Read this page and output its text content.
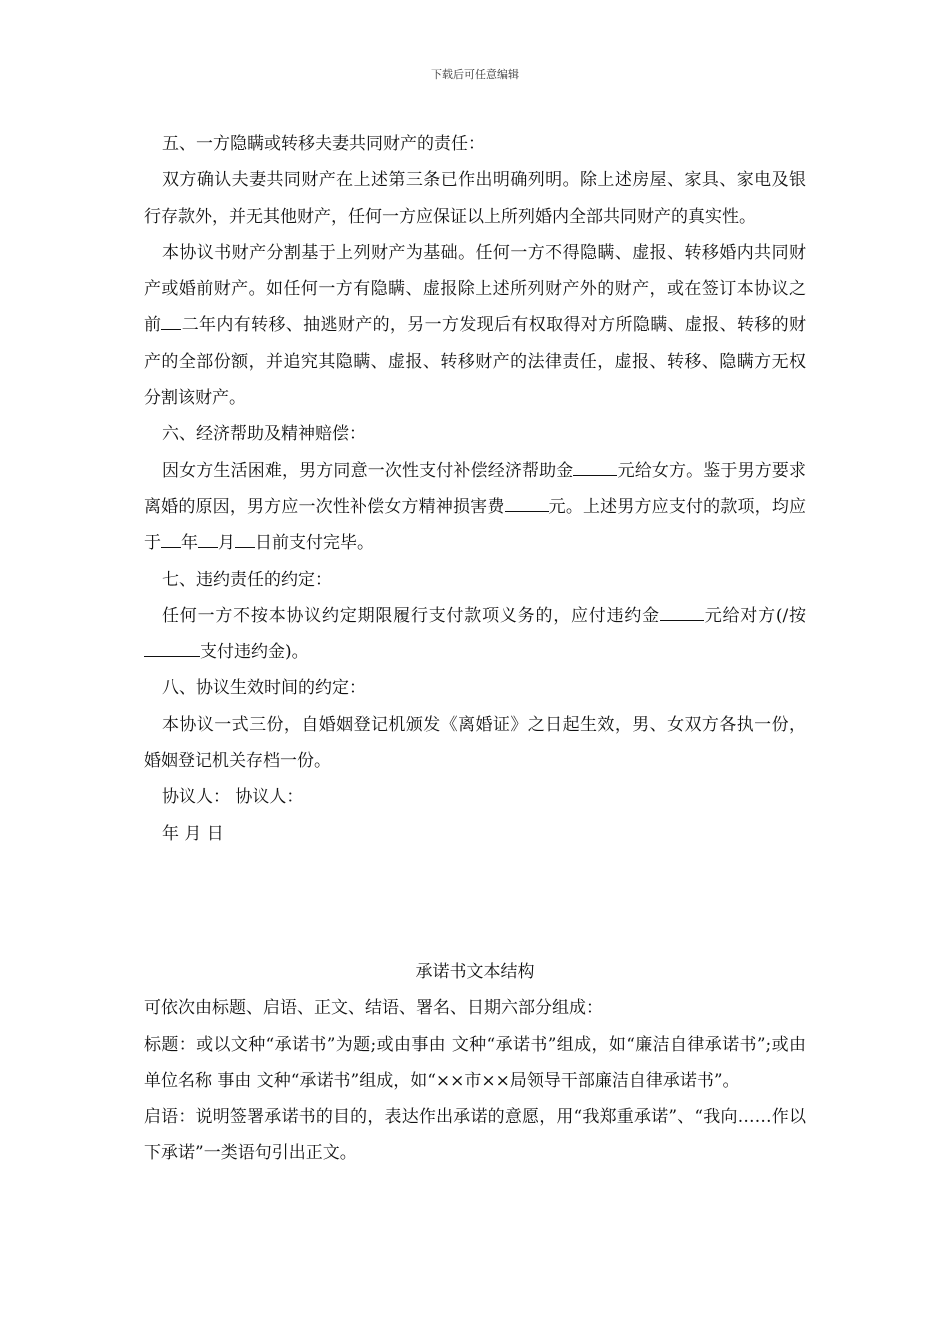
下载后可任意编辑

五、一方隐瞒或转移夫妻共同财产的责任：

双方确认夫妻共同财产在上述第三条已作出明确列明。除上述房屋、家具、家电及银行存款外，并无其他财产，任何一方应保证以上所列婚内全部共同财产的真实性。

本协议书财产分割基于上列财产为基础。任何一方不得隐瞒、虚报、转移婚内共同财产或婚前财产。如任何一方有隐瞒、虚报除上述所列财产外的财产，或在签订本协议之前 二年内有转移、抽逃财产的，另一方发现后有权取得对方所隐瞒、虚报、转移的财产的全部份额，并追究其隐瞒、虚报、转移财产的法律责任，虚报、转移、隐瞒方无权分割该财产。

六、经济帮助及精神赔偿：

因女方生活困难，男方同意一次性支付补偿经济帮助金	元给女方。鉴于男方要求离婚的原因，男方应一次性补偿女方精神损害费	元。上述男方应支付的款项，均应于 年 月 日前支付完毕。

七、违约责任的约定：

任何一方不按本协议约定期限履行支付款项义务的，应付违约金	元给对方(/按支付违约金)。

八、协议生效时间的约定：

本协议一式三份，自婚姻登记机颁发《离婚证》之日起生效，男、女双方各执一份，婚姻登记机关存档一份。

协议人： 协议人：

年 月 日

承诺书文本结构

可依次由标题、启语、正文、结语、署名、日期六部分组成：

标题：或以文种“承诺书”为题;或由事由 文种“承诺书”组成，如“廉洁自律承诺书”;或由单位名称 事由 文种“承诺书”组成，如“××市××局领导干部廉洁自律承诺书”。

启语：说明签署承诺书的目的，表达作出承诺的意愿，用“我郑重承诺”、“我向……作以下承诺”一类语句引出正文。
